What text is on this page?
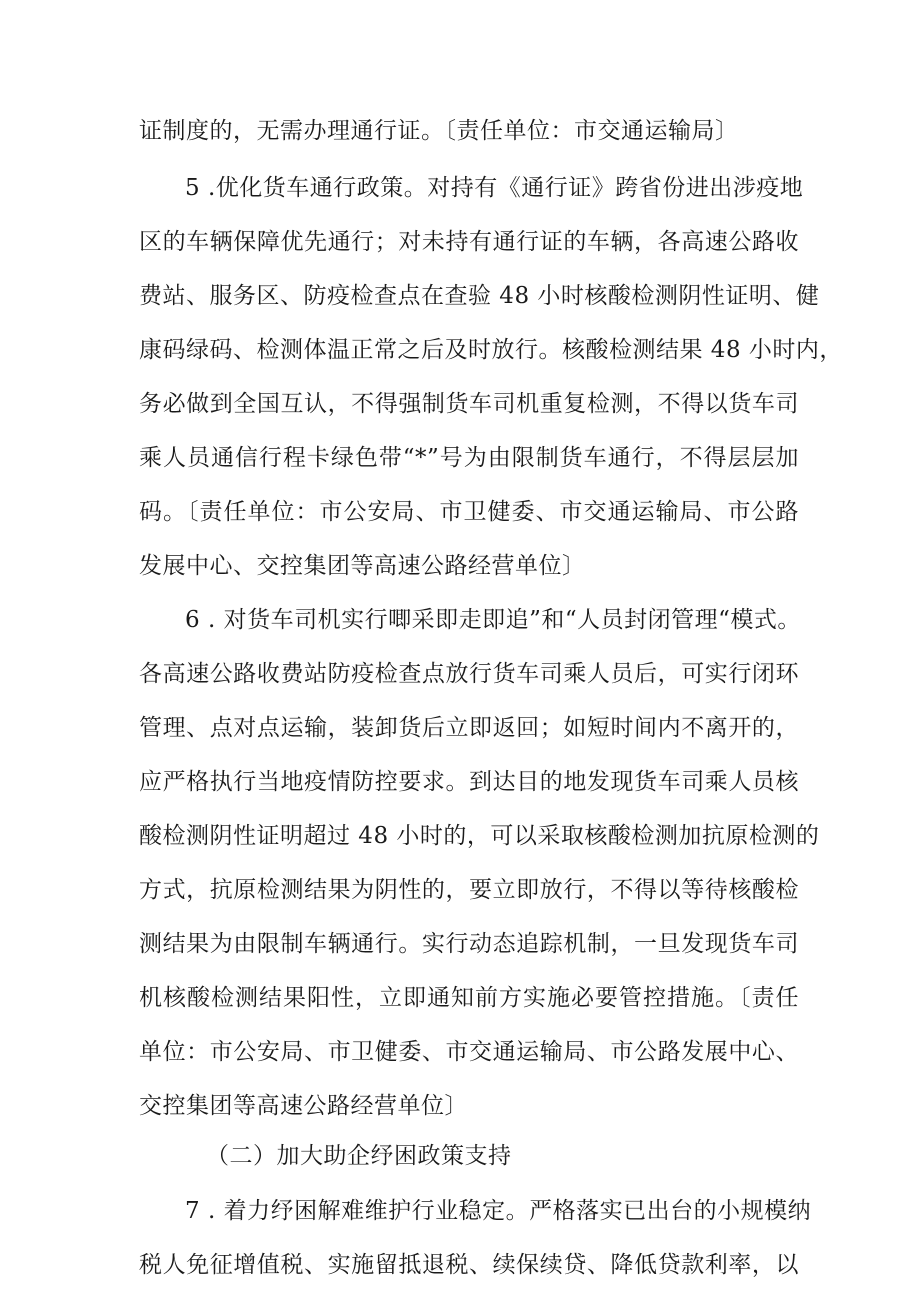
证制度的，无需办理通行证。〔责任单位：市交通运输局〕
5 .优化货车通行政策。对持有《通行证》跨省份进出涉疫地
区的车辆保障优先通行；对未持有通行证的车辆，各高速公路收
费站、服务区、防疫检查点在查验 48 小时核酸检测阴性证明、健
康码绿码、检测体温正常之后及时放行。核酸检测结果 48 小时内，
务必做到全国互认，不得强制货车司机重复检测，不得以货车司
乘人员通信行程卡绿色带“*”号为由限制货车通行，不得层层加
码。〔责任单位：市公安局、市卫健委、市交通运输局、市公路
发展中心、交控集团等高速公路经营单位〕
6 . 对货车司机实行唧采即走即追”和“人员封闭管理“模式。
各高速公路收费站防疫检查点放行货车司乘人员后，可实行闭环
管理、点对点运输，装卸货后立即返回；如短时间内不离开的，
应严格执行当地疫情防控要求。到达目的地发现货车司乘人员核
酸检测阴性证明超过 48 小时的，可以采取核酸检测加抗原检测的
方式，抗原检测结果为阴性的，要立即放行，不得以等待核酸检
测结果为由限制车辆通行。实行动态追踪机制，一旦发现货车司
机核酸检测结果阳性，立即通知前方实施必要管控措施。〔责任
单位：市公安局、市卫健委、市交通运输局、市公路发展中心、
交控集团等高速公路经营单位〕
（二）加大助企纾困政策支持
7 . 着力纾困解难维护行业稳定。严格落实已出台的小规模纳
税人免征增值税、实施留抵退税、续保续贷、降低贷款利率，以
